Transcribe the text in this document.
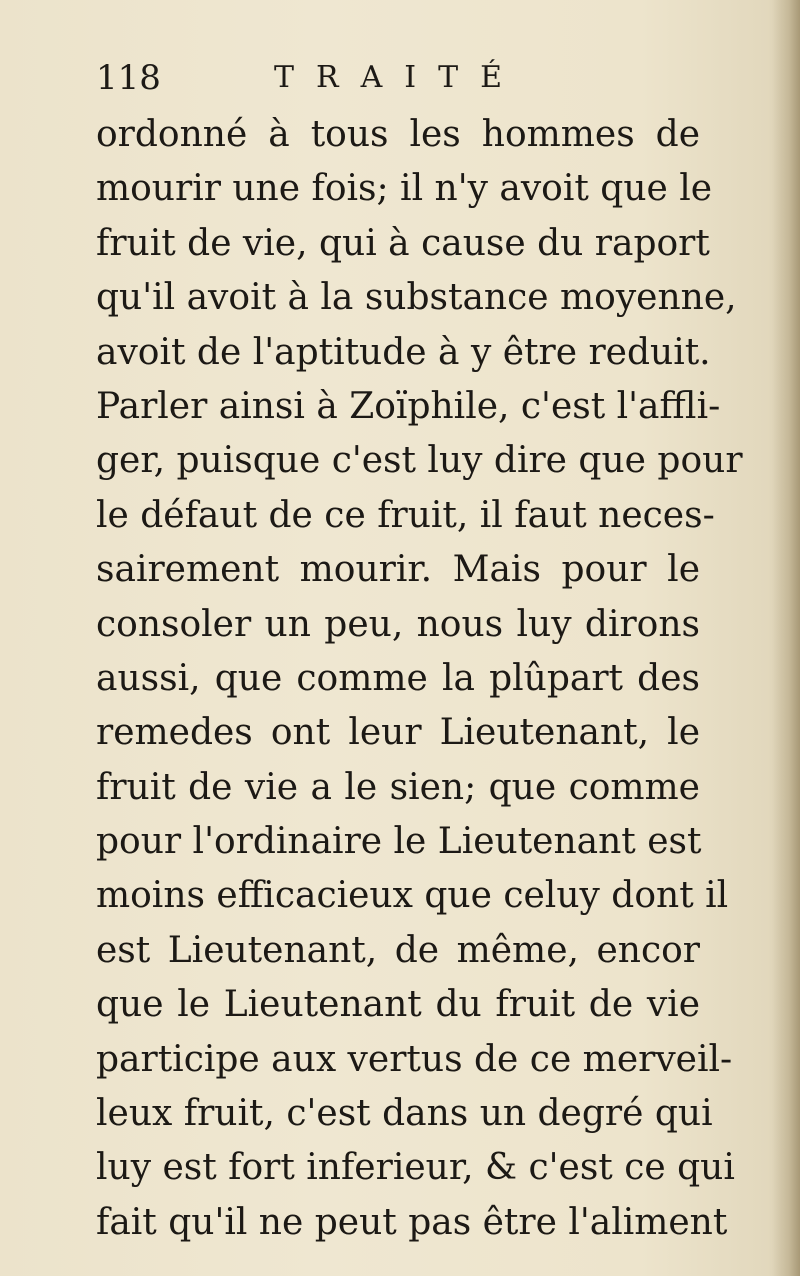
118	TRAITÉ
ordonné à tous les hommes de
mourir une fois; il n'y avoit que le
fruit de vie, qui à cause du raport
qu'il avoit à la substance moyenne,
avoit de l'aptitude à y être reduit.
Parler ainsi à Zoïphile, c'est l'affli-
ger, puisque c'est luy dire que pour
le défaut de ce fruit, il faut neces-
sairement mourir. Mais pour le
consoler un peu, nous luy dirons
aussi, que comme la plûpart des
remedes ont leur Lieutenant, le
fruit de vie a le sien; que comme
pour l'ordinaire le Lieutenant est
moins efficacieux que celuy dont il
est Lieutenant, de même, encor
que le Lieutenant du fruit de vie
participe aux vertus de ce merveil-
leux fruit, c'est dans un degré qui
luy est fort inferieur, & c'est ce qui
fait qu'il ne peut pas être l'aliment
